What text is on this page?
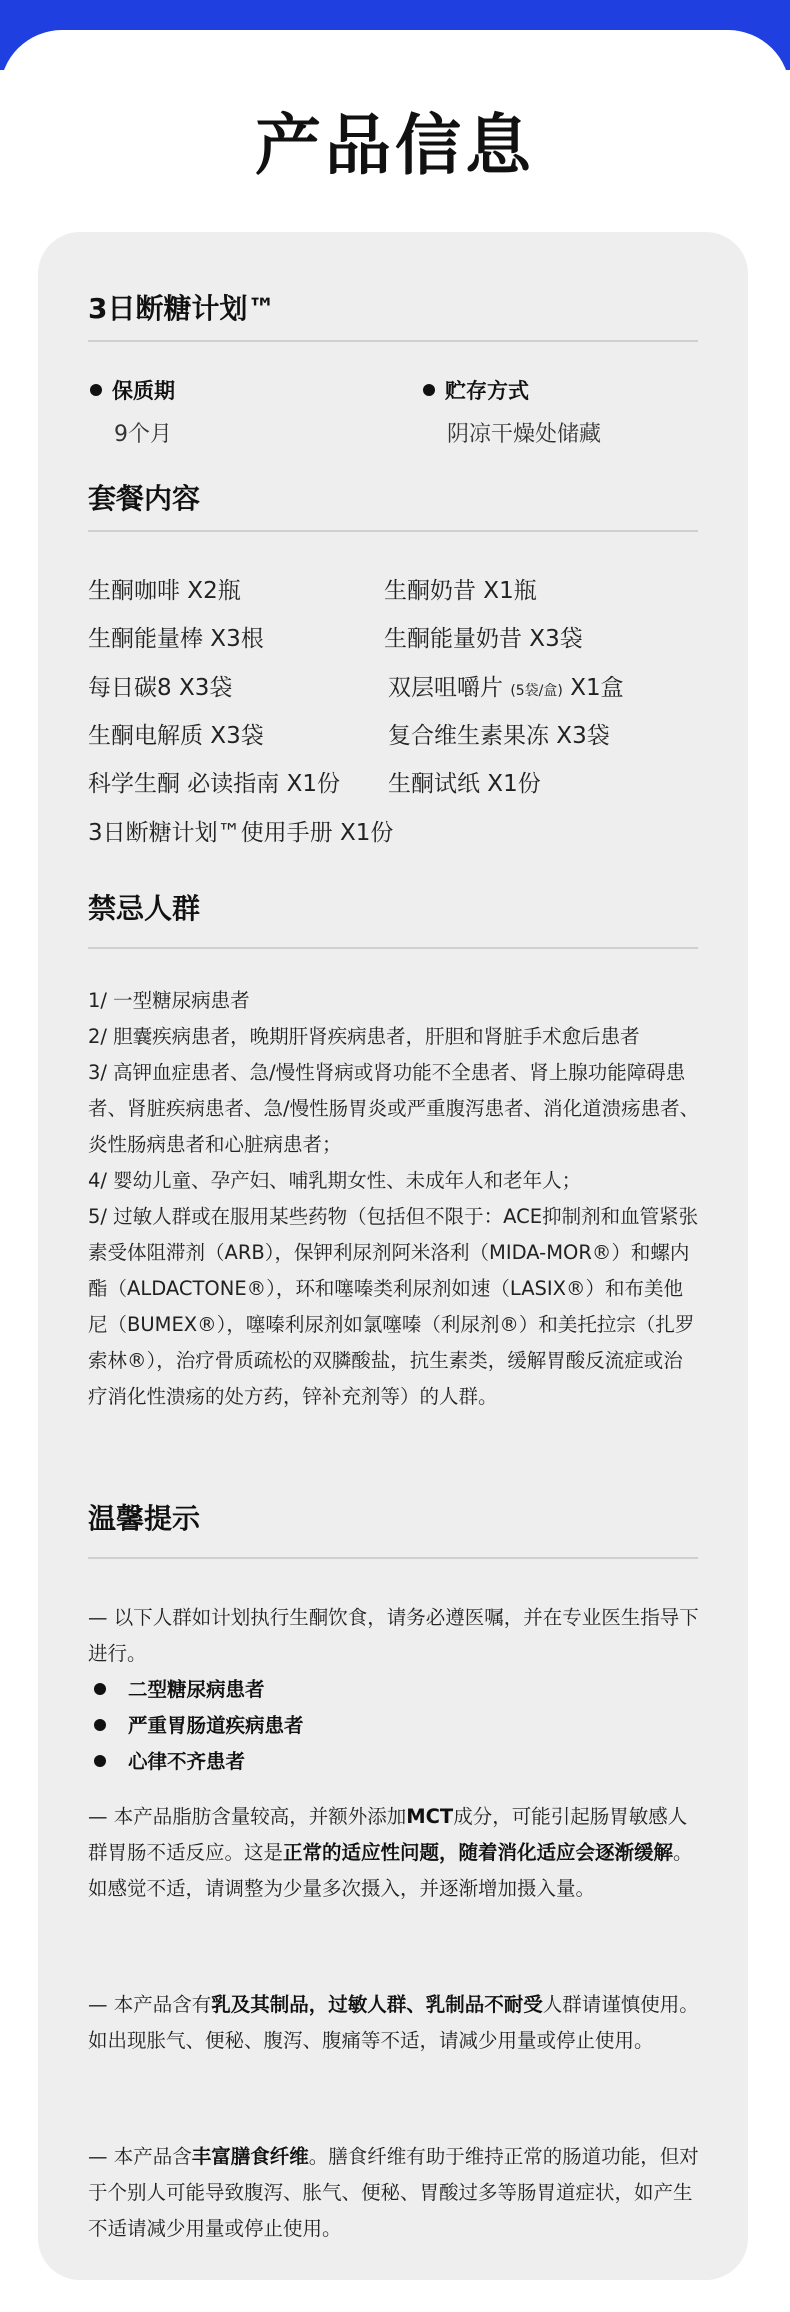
产品信息
3日断糖计划™
保质期
9个月
贮存方式
阴凉干燥处储藏
套餐内容
生酮咖啡 X2瓶
生酮能量棒 X3根
每日碳8 X3袋
生酮电解质 X3袋
科学生酮 必读指南 X1份
3日断糖计划™使用手册 X1份
生酮奶昔 X1瓶
生酮能量奶昔 X3袋
双层咀嚼片 (5袋/盒) X1盒
复合维生素果冻 X3袋
生酮试纸 X1份
禁忌人群
1/ 一型糖尿病患者
2/ 胆囊疾病患者，晚期肝肾疾病患者，肝胆和肾脏手术愈后患者
3/ 高钾血症患者、急/慢性肾病或肾功能不全患者、肾上腺功能障碍患者、肾脏疾病患者、急/慢性肠胃炎或严重腹泻患者、消化道溃疡患者、炎性肠病患者和心脏病患者；
4/ 婴幼儿童、孕产妇、哺乳期女性、未成年人和老年人；
5/ 过敏人群或在服用某些药物（包括但不限于：ACE抑制剂和血管紧张素受体阻滞剂（ARB），保钾利尿剂阿米洛利（MIDA-MOR®）和螺内酯（ALDACTONE®），环和噻嗪类利尿剂如速（LASIX®）和布美他尼（BUMEX®），噻嗪利尿剂如氯噻嗪（利尿剂®）和美托拉宗（扎罗索林®），治疗骨质疏松的双膦酸盐，抗生素类，缓解胃酸反流症或治疗消化性溃疡的处方药，锌补充剂等）的人群。
温馨提示
— 以下人群如计划执行生酮饮食，请务必遵医嘱，并在专业医生指导下进行。
二型糖尿病患者
严重胃肠道疾病患者
心律不齐患者
— 本产品脂肪含量较高，并额外添加MCT成分，可能引起肠胃敏感人群胃肠不适反应。这是正常的适应性问题，随着消化适应会逐渐缓解。如感觉不适，请调整为少量多次摄入，并逐渐增加摄入量。
— 本产品含有乳及其制品，过敏人群、乳制品不耐受人群请谨慎使用。如出现胀气、便秘、腹泻、腹痛等不适，请减少用量或停止使用。
— 本产品含丰富膳食纤维。膳食纤维有助于维持正常的肠道功能，但对于个别人可能导致腹泻、胀气、便秘、胃酸过多等肠胃道症状，如产生不适请减少用量或停止使用。
